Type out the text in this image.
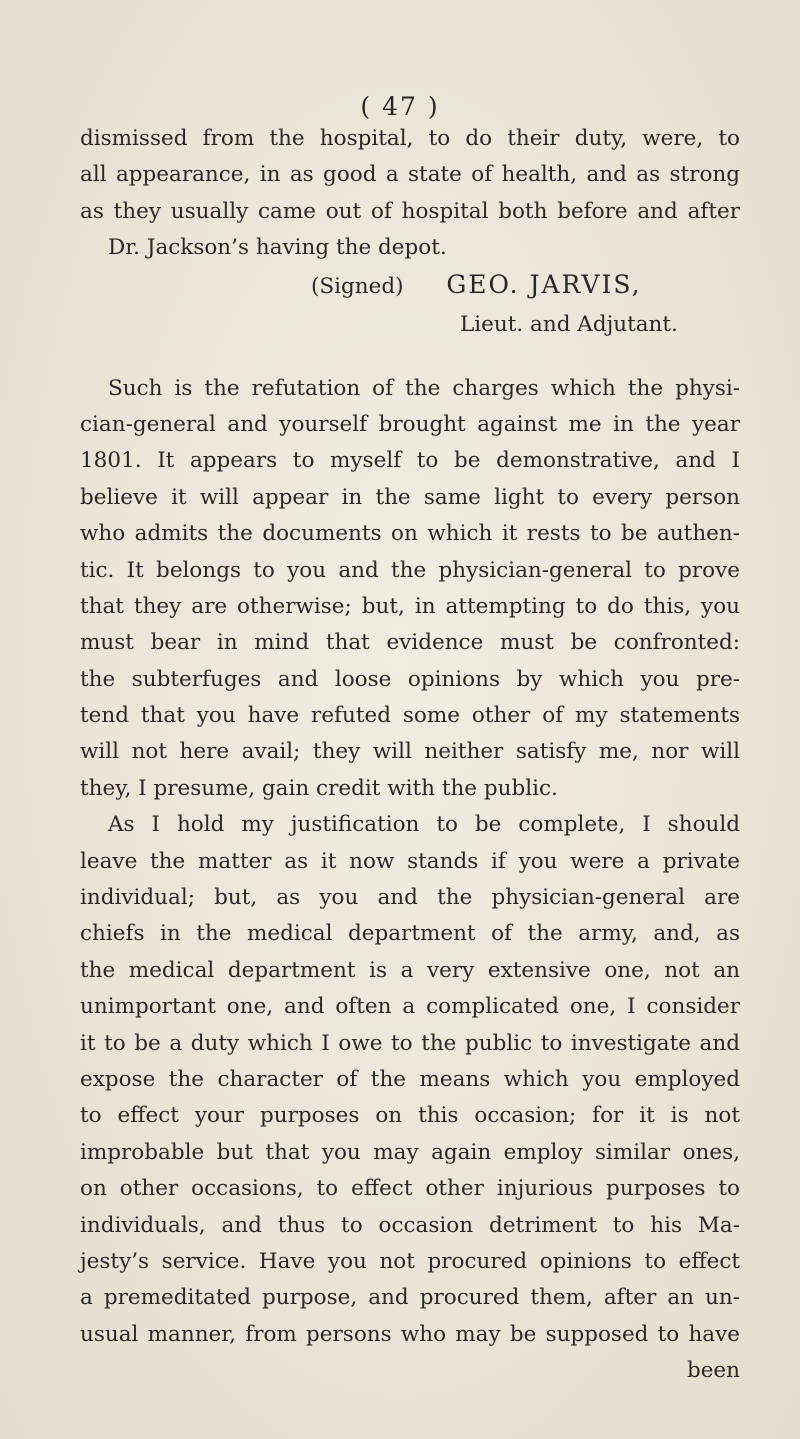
( 47 )
dismissed from the hospital, to do their duty, were, to
all appearance, in as good a state of health, and as strong
as they usually came out of hospital both before and after
Dr. Jackson’s having the depot.
(Signed) GEO. JARVIS,
Lieut. and Adjutant.
Such is the refutation of the charges which the physi-
cian-general and yourself brought against me in the year
1801. It appears to myself to be demonstrative, and I
believe it will appear in the same light to every person
who admits the documents on which it rests to be authen-
tic. It belongs to you and the physician-general to prove
that they are otherwise; but, in attempting to do this, you
must bear in mind that evidence must be confronted:
the subterfuges and loose opinions by which you pre-
tend that you have refuted some other of my statements
will not here avail; they will neither satisfy me, nor will
they, I presume, gain credit with the public.
As I hold my justification to be complete, I should
leave the matter as it now stands if you were a private
individual; but, as you and the physician-general are
chiefs in the medical department of the army, and, as
the medical department is a very extensive one, not an
unimportant one, and often a complicated one, I consider
it to be a duty which I owe to the public to investigate and
expose the character of the means which you employed
to effect your purposes on this occasion; for it is not
improbable but that you may again employ similar ones,
on other occasions, to effect other injurious purposes to
individuals, and thus to occasion detriment to his Ma-
jesty’s service. Have you not procured opinions to effect
a premeditated purpose, and procured them, after an un-
usual manner, from persons who may be supposed to have
been
